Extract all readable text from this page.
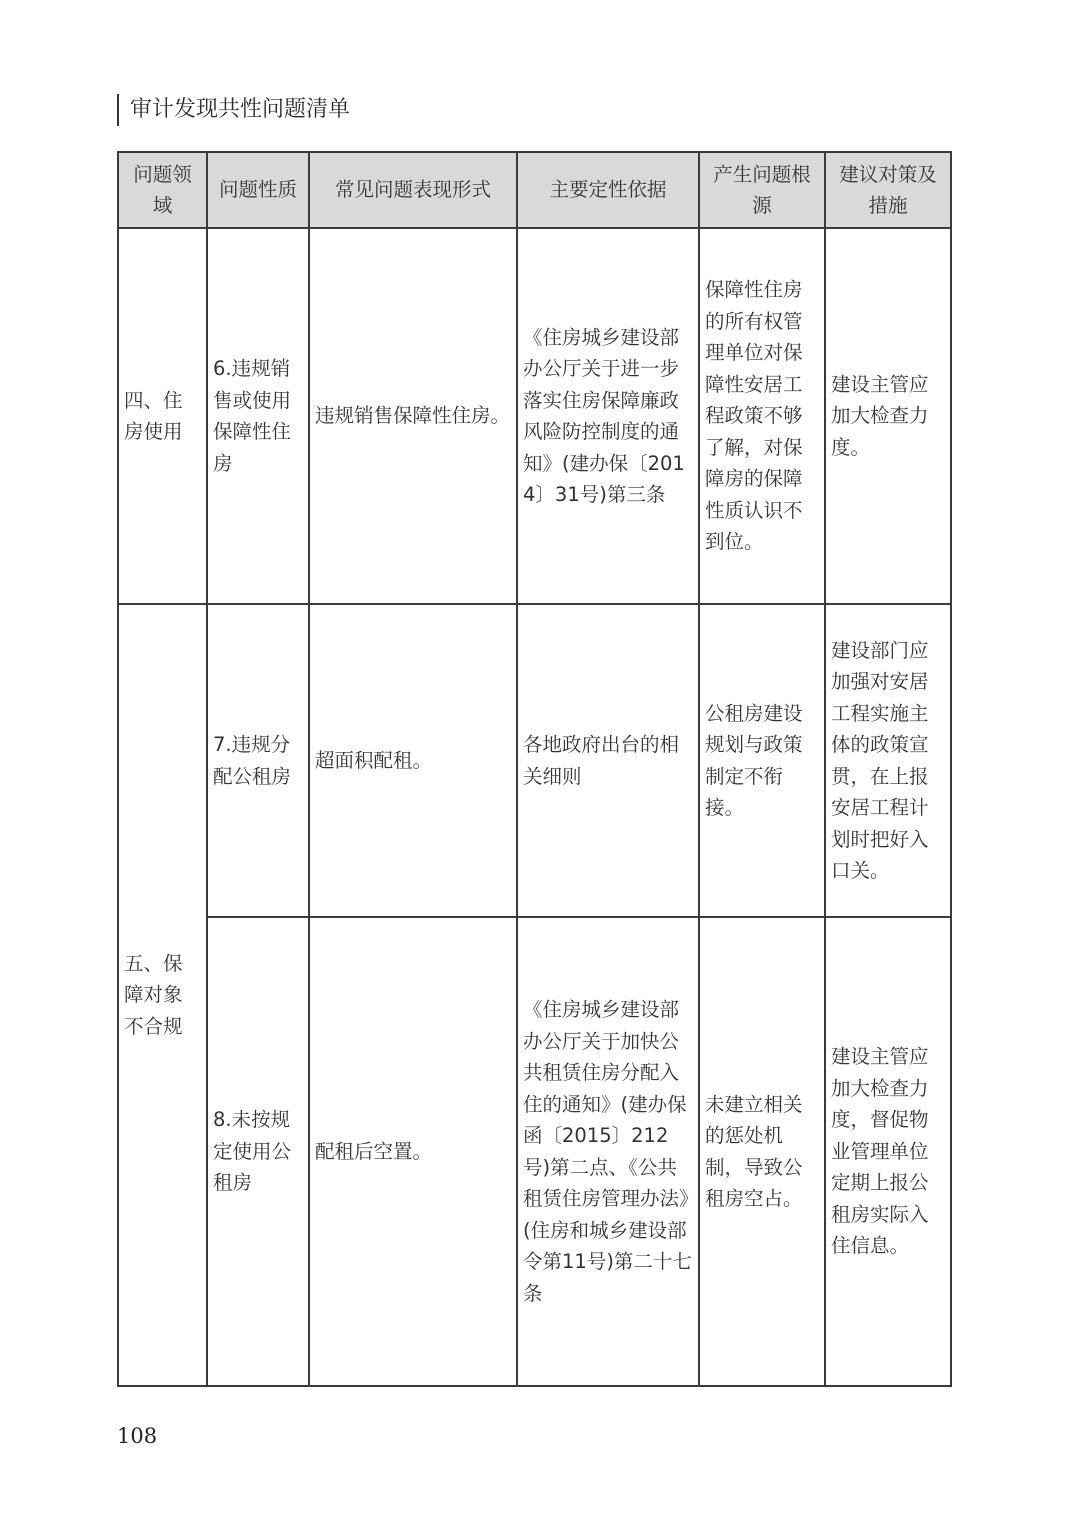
审计发现共性问题清单
问题领域	问题性质	常见问题表现形式	主要定性依据	产生问题根源	建议对策及措施
四、住房使用	6.违规销售或使用保障性住房	违规销售保障性住房。	《住房城乡建设部办公厅关于进一步落实住房保障廉政风险防控制度的通知》(建办保〔2014〕31号)第三条	保障性住房的所有权管理单位对保障性安居工程政策不够了解，对保障房的保障性质认识不到位。	建设主管应加大检查力度。
五、保障对象不合规	7.违规分配公租房	超面积配租。	各地政府出台的相关细则	公租房建设规划与政策制定不衔接。	建设部门应加强对安居工程实施主体的政策宣贯，在上报安居工程计划时把好入口关。
	8.未按规定使用公租房	配租后空置。	《住房城乡建设部办公厅关于加快公共租赁住房分配入住的通知》(建办保函〔2015〕212号)第二点、《公共租赁住房管理办法》(住房和城乡建设部令第11号)第二十七条	未建立相关的惩处机制，导致公租房空占。	建设主管应加大检查力度，督促物业管理单位定期上报公租房实际入住信息。
108
